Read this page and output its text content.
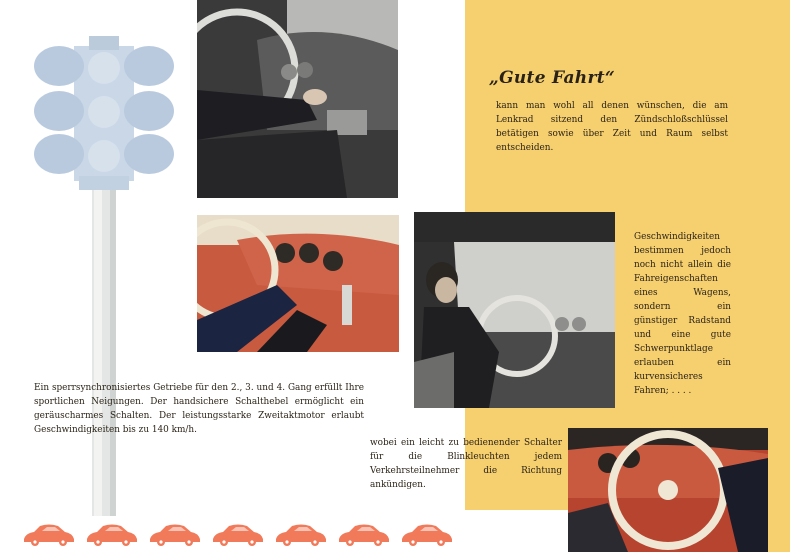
„Gute Fahrt“
kann man wohl all denen wünschen, die am Lenkrad sitzend den Zündschloßschlüssel betätigen sowie über Zeit und Raum selbst entscheiden.
Geschwindigkeiten bestimmen jedoch noch nicht allein die Fahreigenschaften eines Wagens, sondern ein günstiger Radstand und eine gute Schwerpunktlage erlauben ein kurvensicheres Fahren; . . . .
Ein sperrsynchronisiertes Getriebe für den 2., 3. und 4. Gang erfüllt Ihre sportlichen Neigungen. Der handsichere Schalthebel ermöglicht ein geräuscharmes Schalten. Der leistungsstarke Zweitaktmotor erlaubt Geschwindigkeiten bis zu 140 km/h.
wobei ein leicht zu bedienender Schalter für die Blinkleuchten jedem Verkehrsteilnehmer die Richtung ankündigen.
